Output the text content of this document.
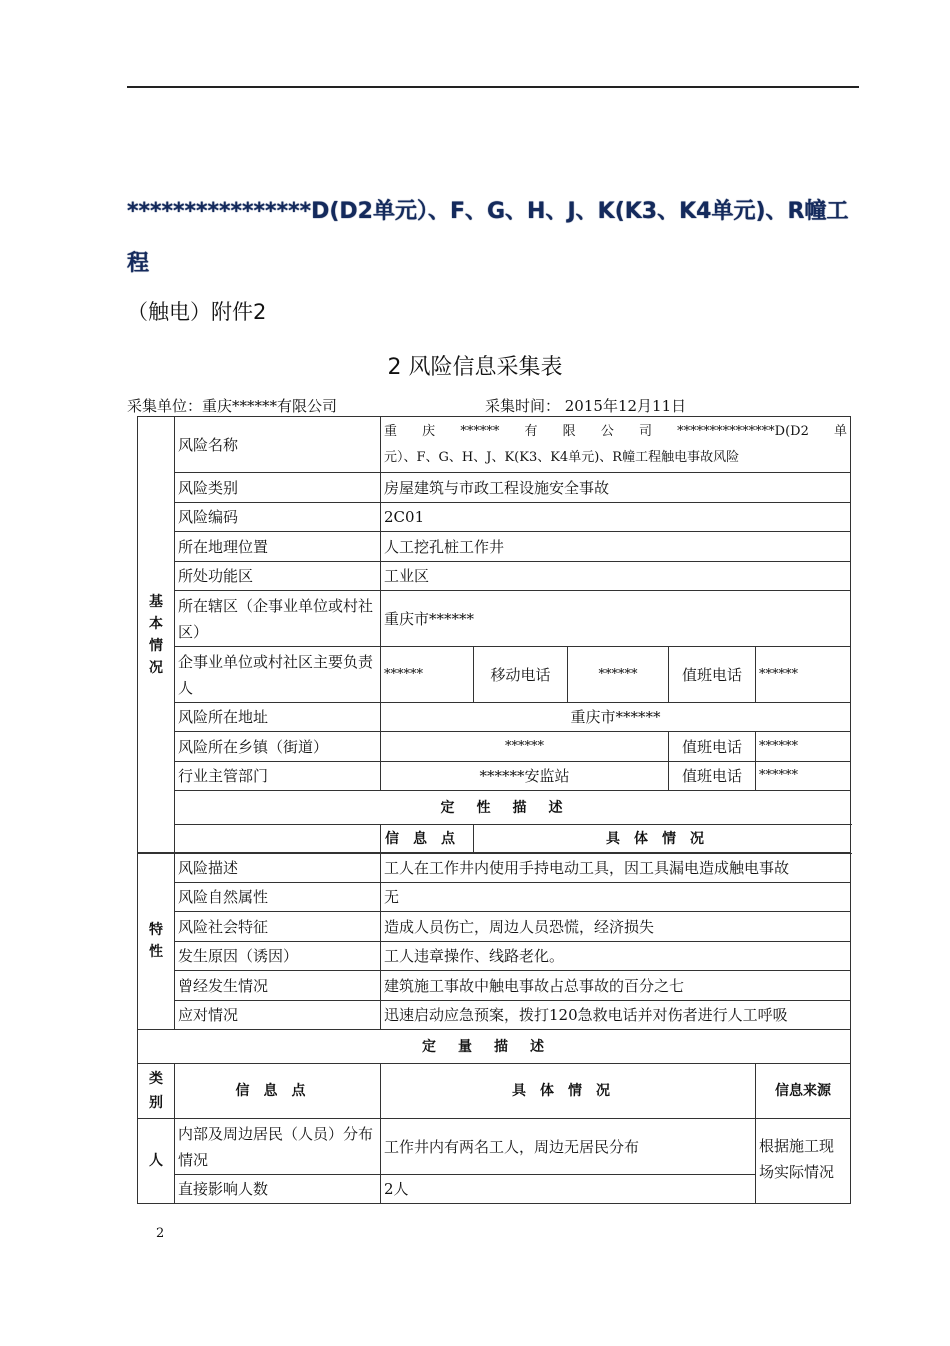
****************D(D2单元）、F、G、H、J、K(K3、K4单元)、R幢工程
（触电）附件2
2 风险信息采集表
采集单位：重庆******有限公司	采集时间： 2015年12月11日
基本情况	风险名称	重庆******有限公司***************D(D2单
元）、F、G、H、J、K(K3、K4单元)、R幢工程触电事故风险				

	风险类别	房屋建筑与市政工程设施安全事故				
	风险编码	2C01				
	所在地理位置	人工挖孔桩工作井				
	所处功能区	工业区				
	所在辖区（企事业单位或村社区）	重庆市******				
	企事业单位或村社区主要负责人	******	移动电话	******	值班电话	******
	风险所在地址	重庆市******				
	风险所在乡镇（街道）	******			值班电话	******
	行业主管部门	******安监站			值班电话	******
	定性描述					
		信息点	具体情况			
特性	风险描述	工人在工作井内使用手持电动工具，因工具漏电造成触电事故	
	风险自然属性	无	
	风险社会特征	造成人员伤亡，周边人员恐慌，经济损失	
	发生原因（诱因）	工人违章操作、线路老化。	
	曾经发生情况	建筑施工事故中触电事故占总事故的百分之七	
	应对情况	迅速启动应急预案，拨打120急救电话并对伤者进行人工呼吸	
定量描述			
类别	信息点	具体情况	信息来源
人	内部及周边居民（人员）分布情况	工作井内有两名工人，周边无居民分布	根据施工现场实际情况
	直接影响人数	2人	
2
